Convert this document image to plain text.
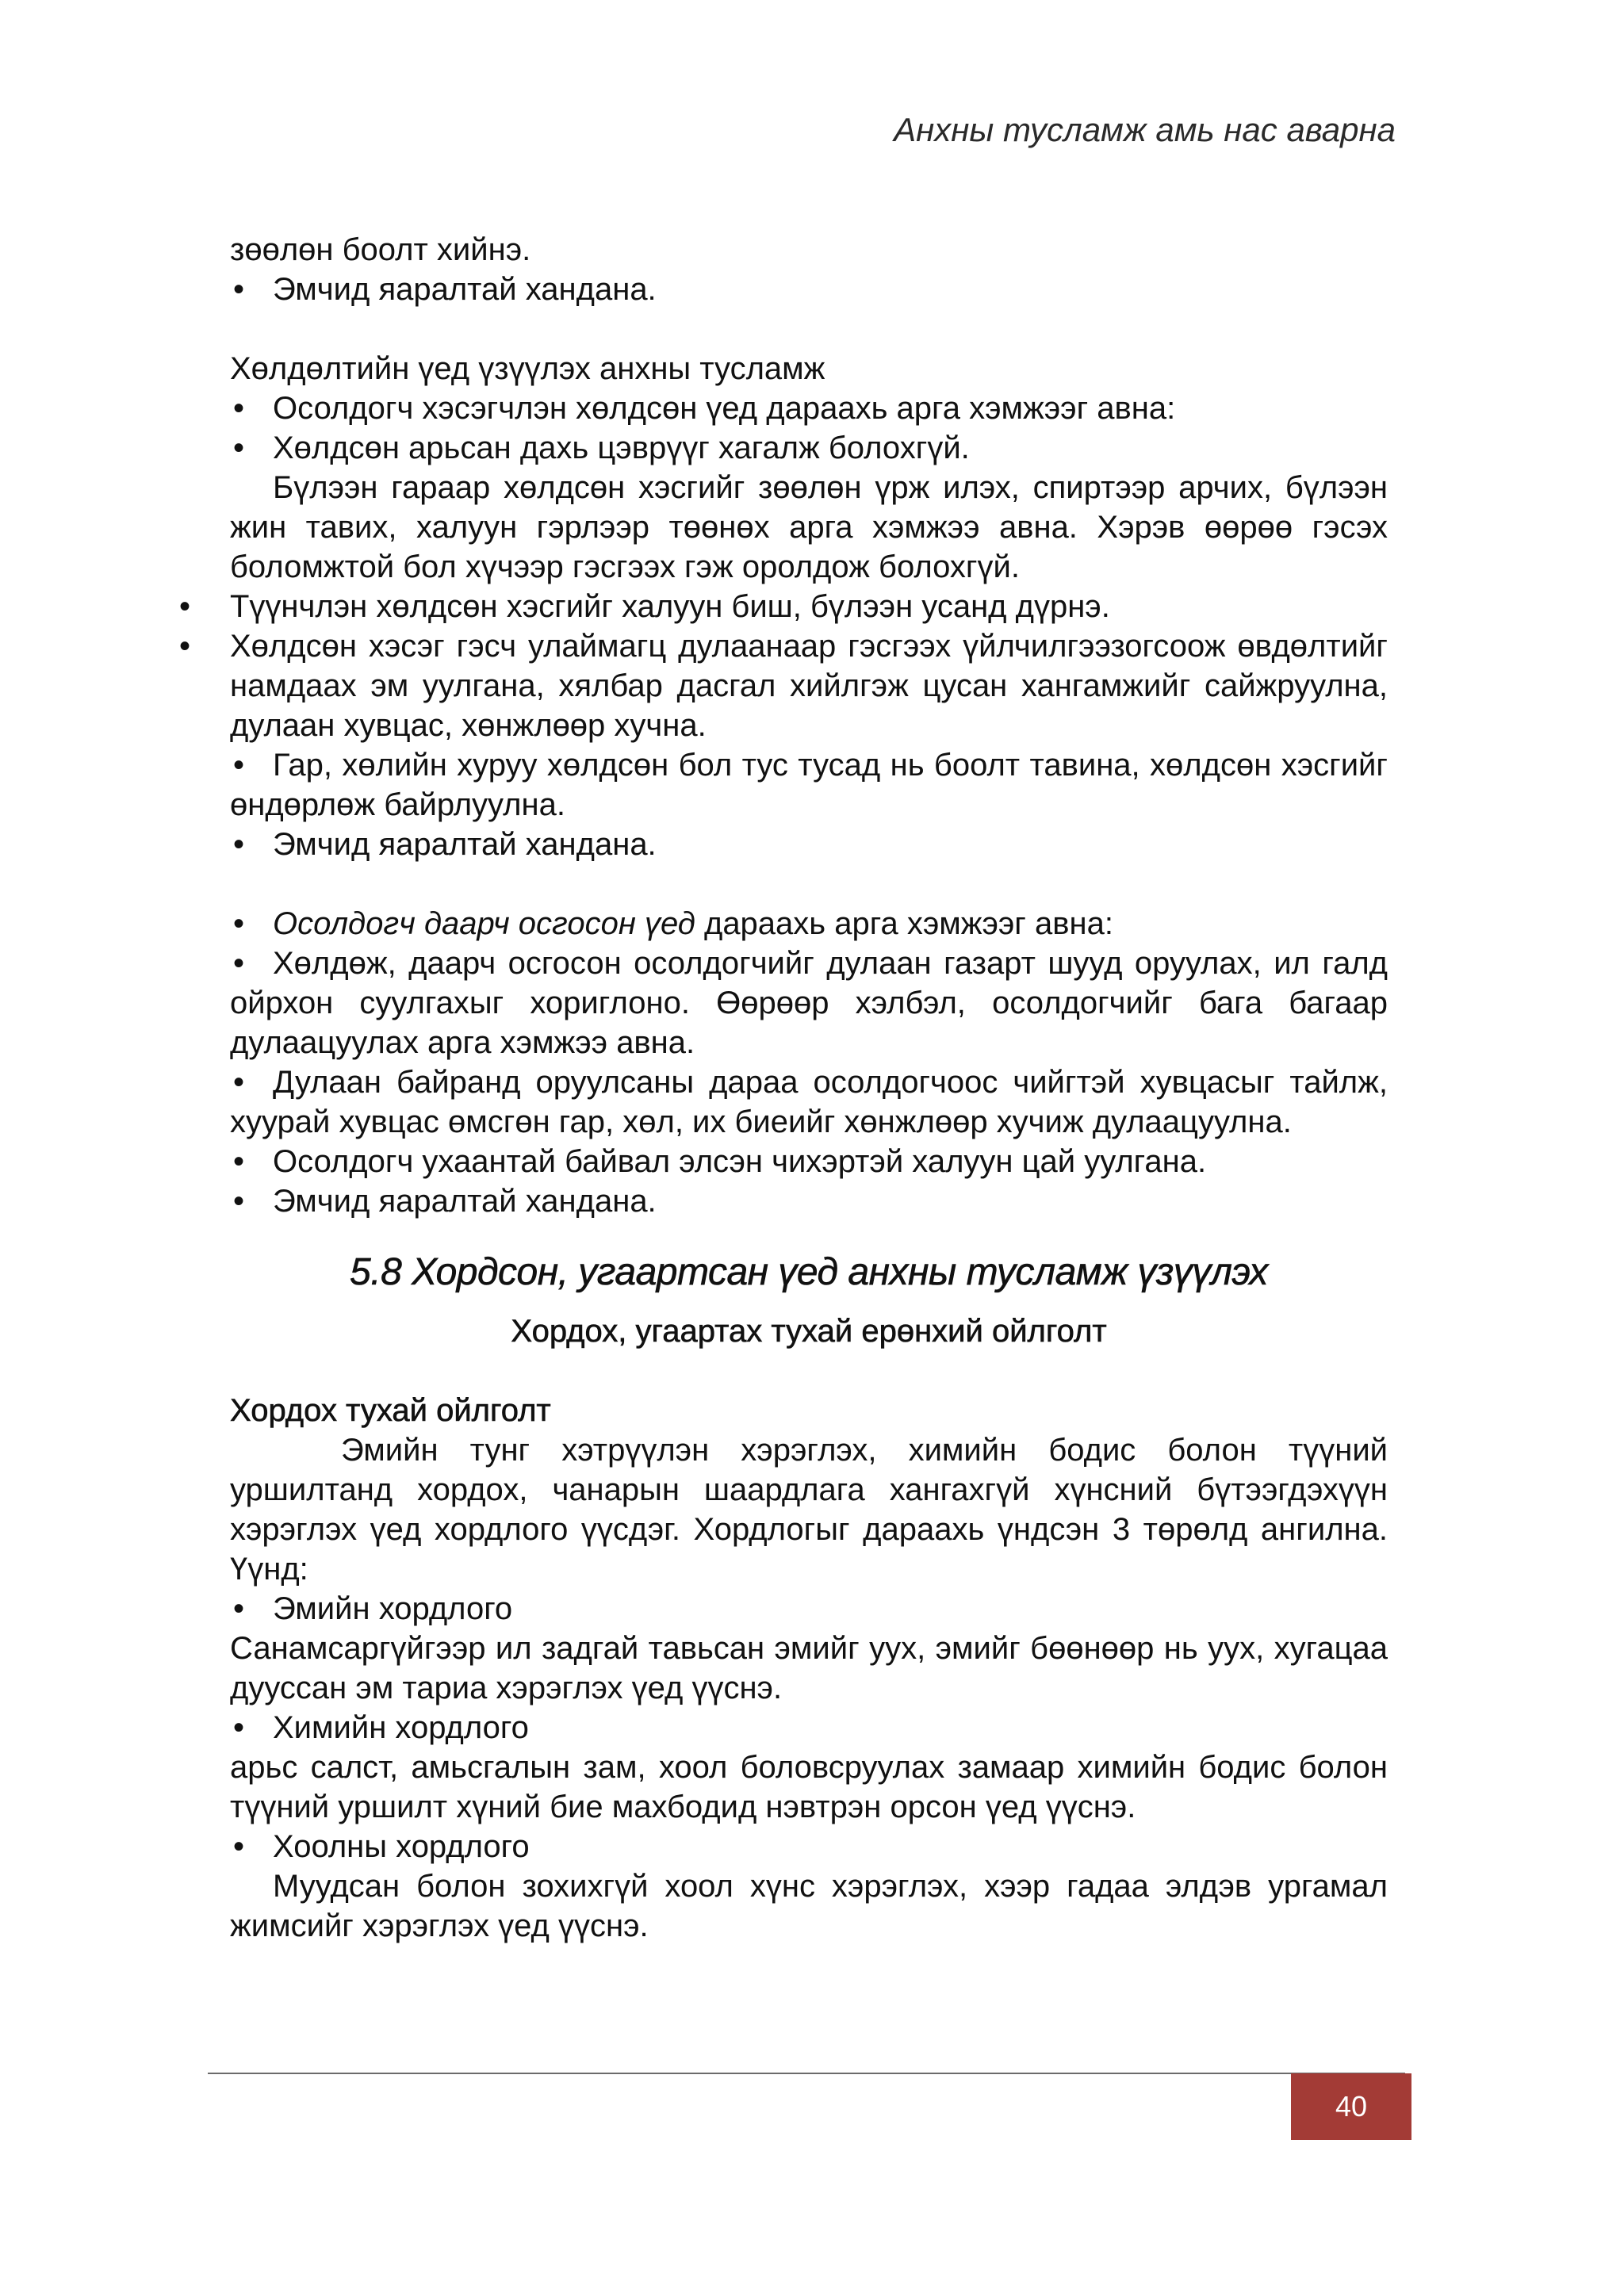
Анхны тусламж амь нас аварна

зөөлөн боолт хийнэ.

• Эмчид яаралтай хандана.

Хөлдөлтийн үед үзүүлэх анхны тусламж

• Осолдогч хэсэгчлэн хөлдсөн үед дараахь арга хэмжээг авна:

• Хөлдсөн арьсан дахь цэврүүг хагалж болохгүй.

Бүлээн гараар хөлдсөн хэсгийг зөөлөн үрж илэх, спиртээр арчих, бүлээн жин тавих, халуун гэрлээр төөнөх арга хэмжээ авна. Хэрэв өөрөө гэсэх боломжтой бол хүчээр гэсгээх гэж оролдож болохгүй.

• Түүнчлэн хөлдсөн хэсгийг халуун биш, бүлээн усанд дүрнэ.

• Хөлдсөн хэсэг гэсч улаймагц дулаанаар гэсгээх үйлчилгээзогсоож өвдөлтийг намдаах эм уулгана, хялбар дасгал хийлгэж цусан хангамжийг сайжруулна, дулаан хувцас, хөнжлөөр хучна.

• Гар, хөлийн хуруу хөлдсөн бол тус тусад нь боолт тавина, хөлдсөн хэсгийг өндөрлөж байрлуулна.

• Эмчид яаралтай хандана.

• Осолдогч даарч осгосон үед дараахь арга хэмжээг авна:

• Хөлдөж, даарч осгосон осолдогчийг дулаан газарт шууд оруулах, ил галд ойрхон суулгахыг хориглоно. Өөрөөр хэлбэл, осолдогчийг бага багаар дулаацуулах арга хэмжээ авна.

• Дулаан байранд оруулсаны дараа осолдогчоос чийгтэй хувцасыг тайлж, хуурай хувцас өмсгөн гар, хөл, их биеийг хөнжлөөр хучиж дулаацуулна.

• Осолдогч ухаантай байвал элсэн чихэртэй халуун цай уулгана.

• Эмчид яаралтай хандана.

5.8 Хордсон, угаартсан үед анхны тусламж үзүүлэх
Хордох, угаартах тухай ерөнхий ойлголт

Хордох тухай ойлголт

Эмийн тунг хэтрүүлэн хэрэглэх, химийн бодис болон түүний уршилтанд хордох, чанарын шаардлага хангахгүй хүнсний бүтээгдэхүүн хэрэглэх үед хордлого үүсдэг. Хордлогыг дараахь үндсэн 3 төрөлд ангилна. Үүнд:

• Эмийн хордлого

Санамсаргүйгээр ил задгай тавьсан эмийг уух, эмийг бөөнөөр нь уух, хугацаа дууссан эм тариа хэрэглэх үед үүснэ.

• Химийн хордлого

арьс салст, амьсгалын зам, хоол боловсруулах замаар химийн бодис болон түүний уршилт хүний бие махбодид нэвтрэн орсон үед үүснэ.

• Хоолны хордлого

Муудсан болон зохихгүй хоол хүнс хэрэглэх, хээр гадаа элдэв ургамал жимсийг хэрэглэх үед үүснэ.

40
